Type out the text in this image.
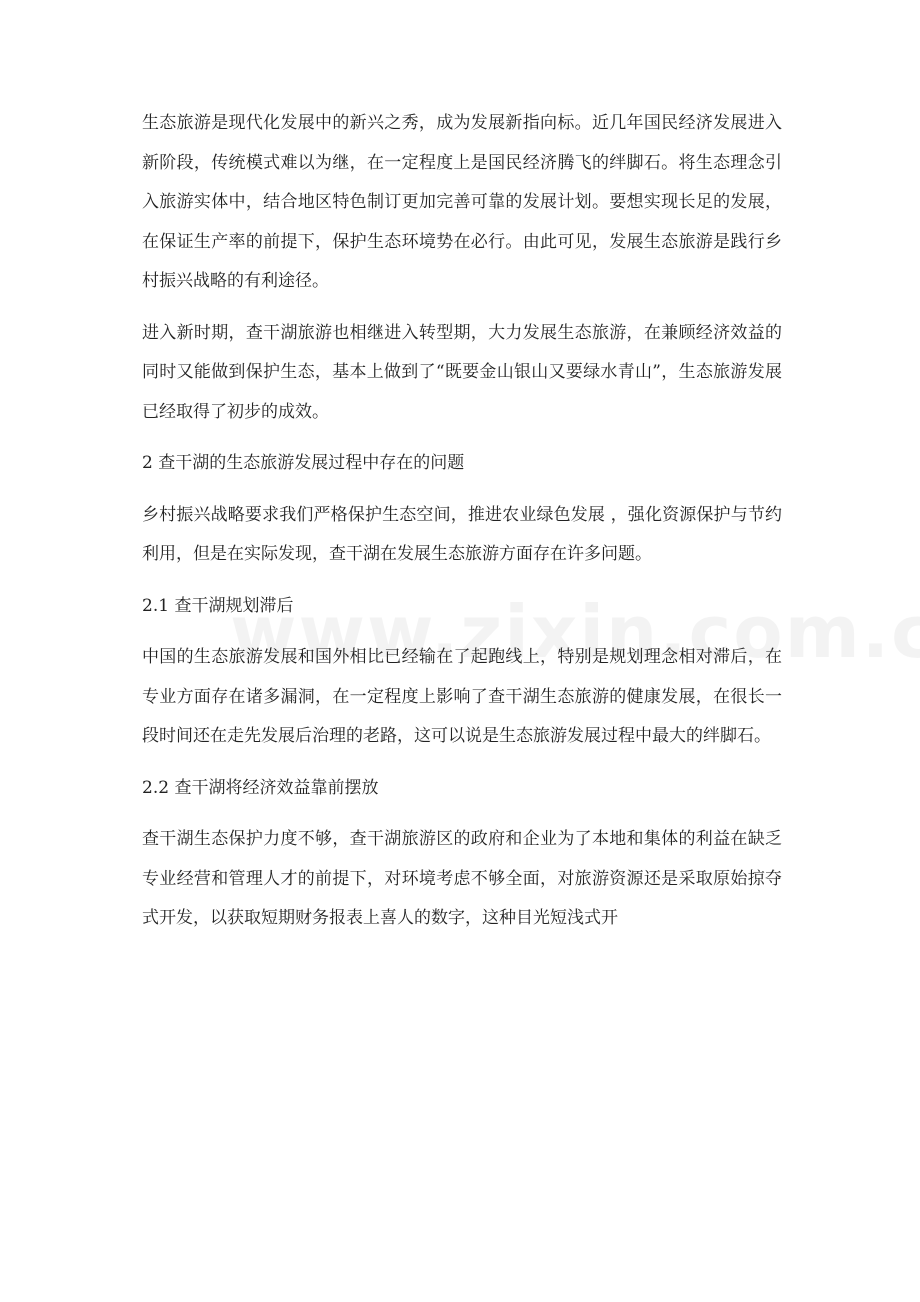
生态旅游是现代化发展中的新兴之秀，成为发展新指向标。近几年国民经济发展进入新阶段，传统模式难以为继，在一定程度上是国民经济腾飞的绊脚石。将生态理念引入旅游实体中，结合地区特色制订更加完善可靠的发展计划。要想实现长足的发展，在保证生产率的前提下，保护生态环境势在必行。由此可见，发展生态旅游是践行乡村振兴战略的有利途径。

进入新时期，查干湖旅游也相继进入转型期，大力发展生态旅游，在兼顾经济效益的同时又能做到保护生态，基本上做到了“既要金山银山又要绿水青山”，生态旅游发展已经取得了初步的成效。

2 查干湖的生态旅游发展过程中存在的问题

乡村振兴战略要求我们严格保护生态空间，推进农业绿色发展 ，强化资源保护与节约利用，但是在实际发现，查干湖在发展生态旅游方面存在许多问题。

2.1 查干湖规划滞后

中国的生态旅游发展和国外相比已经输在了起跑线上，特别是规划理念相对滞后，在专业方面存在诸多漏洞，在一定程度上影响了查干湖生态旅游的健康发展，在很长一段时间还在走先发展后治理的老路，这可以说是生态旅游发展过程中最大的绊脚石。

2.2 查干湖将经济效益靠前摆放

查干湖生态保护力度不够，查干湖旅游区的政府和企业为了本地和集体的利益在缺乏专业经营和管理人才的前提下，对环境考虑不够全面，对旅游资源还是采取原始掠夺式开发，以获取短期财务报表上喜人的数字，这种目光短浅式开
